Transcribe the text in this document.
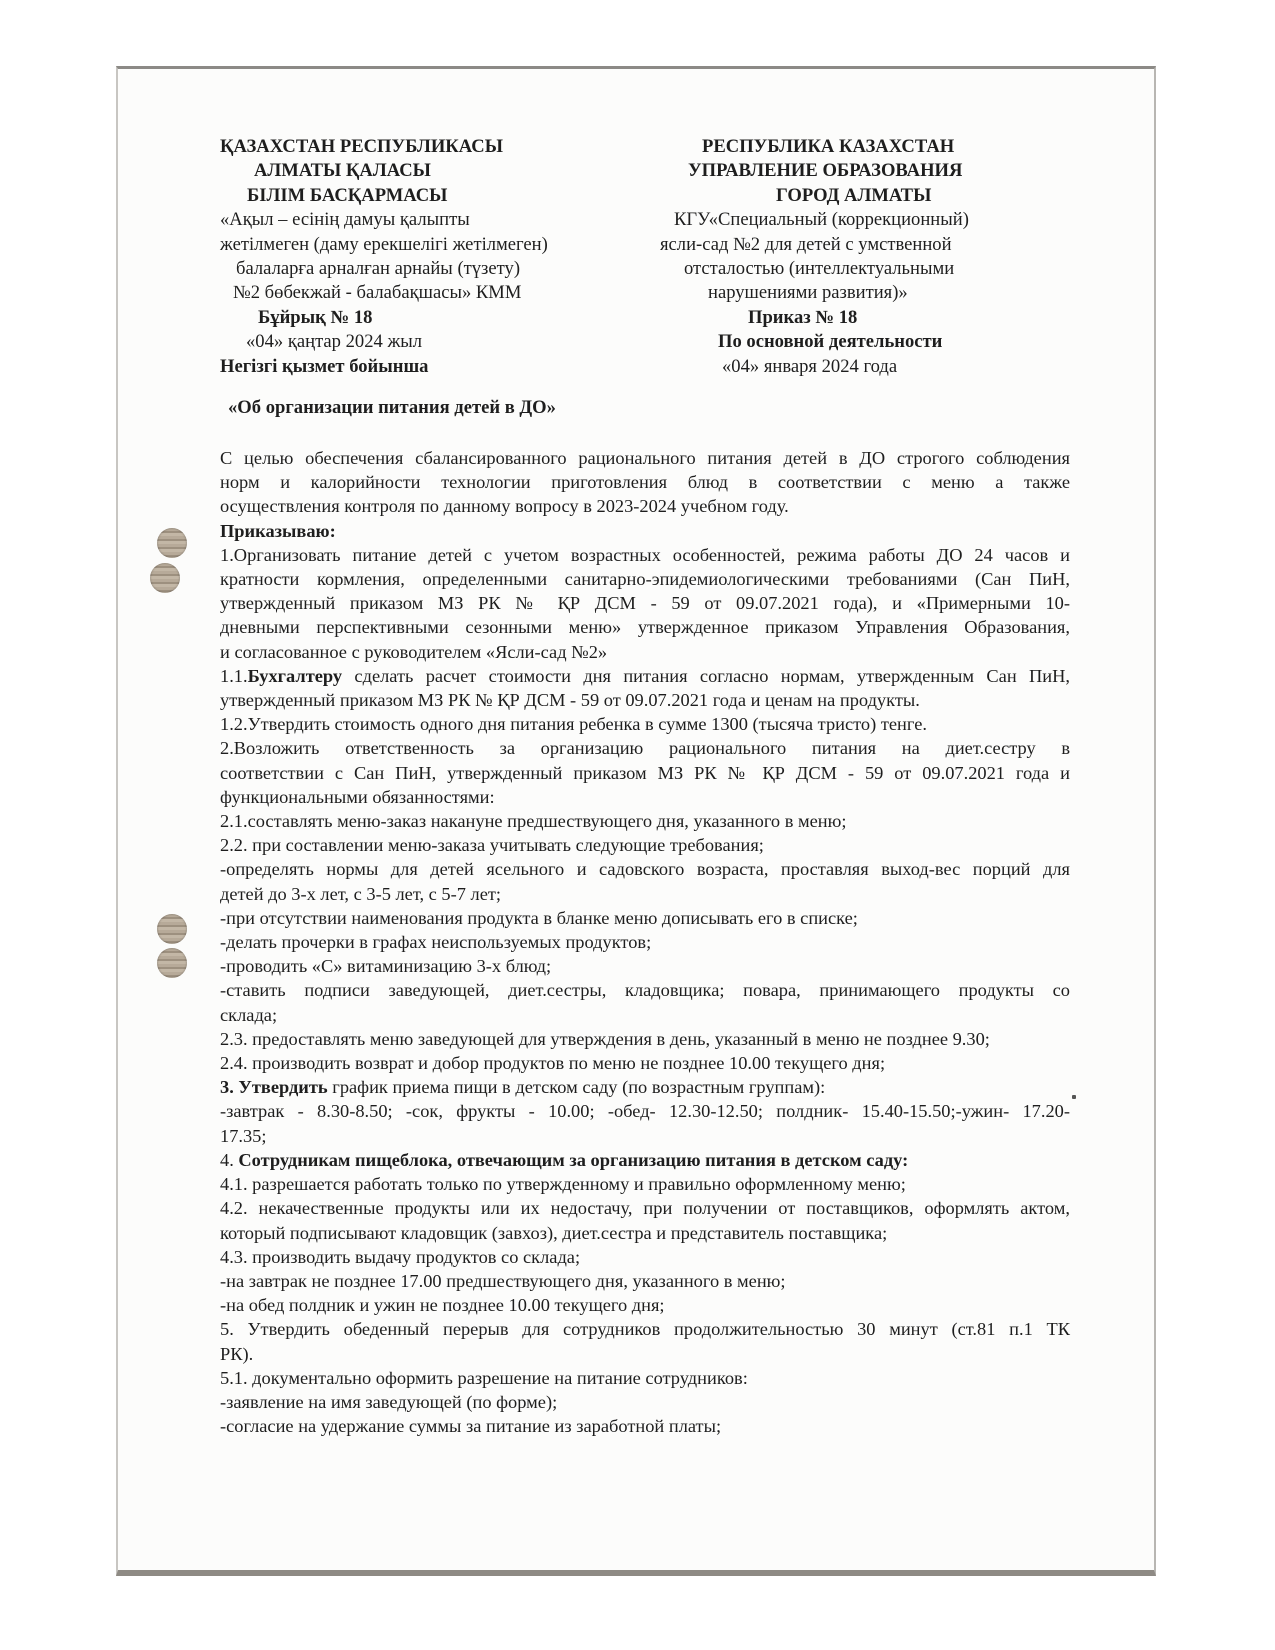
ҚАЗАХСТАН РЕСПУБЛИКАСЫ
АЛМАТЫ ҚАЛАСЫ
БІЛІМ БАСҚАРМАСЫ
«Ақыл – есінің дамуы қалыпты
жетілмеген (даму ерекшелігі жетілмеген)
балаларға арналған арнайы (түзету)
№2 бөбекжай - балабақшасы» КММ
Бұйрық № 18
«04» қаңтар 2024 жыл
Негізгі қызмет бойынша
РЕСПУБЛИКА КАЗАХСТАН
УПРАВЛЕНИЕ ОБРАЗОВАНИЯ
ГОРОД АЛМАТЫ
КГУ«Специальный (коррекционный)
ясли-сад №2 для детей с умственной
отсталостью (интеллектуальными
нарушениями развития)»
Приказ № 18
По основной деятельности
«04» января 2024 года
«Об организации питания детей в ДО»

С целью обеспечения сбалансированного рационального питания детей в ДО строгого соблюдения

норм и калорийности технологии приготовления блюд в соответствии с меню а также

осуществления контроля по данному вопросу в 2023-2024 учебном году.

Приказываю:

1.Организовать питание детей с учетом возрастных особенностей, режима работы ДО 24 часов и

кратности кормления, определенными санитарно-эпидемиологическими требованиями (Сан ПиН,

утвержденный приказом МЗ РК № ҚР ДСМ - 59 от 09.07.2021 года), и «Примерными 10-

дневными перспективными сезонными меню» утвержденное приказом Управления Образования,

и согласованное с руководителем «Ясли-сад №2»

1.1.Бухгалтеру сделать расчет стоимости дня питания согласно нормам, утвержденным Сан ПиН,

утвержденный приказом МЗ РК № ҚР ДСМ - 59 от 09.07.2021 года и ценам на продукты.

1.2.Утвердить стоимость одного дня питания ребенка в сумме 1300 (тысяча тристо) тенге.

2.Возложить ответственность за организацию рационального питания на диет.сестру в

соответствии с Сан ПиН, утвержденный приказом МЗ РК № ҚР ДСМ - 59 от 09.07.2021 года и

функциональными обязанностями:

2.1.составлять меню-заказ накануне предшествующего дня, указанного в меню;

2.2. при составлении меню-заказа учитывать следующие требования;

-определять нормы для детей ясельного и садовского возраста, проставляя выход-вес порций для

детей до 3-х лет, с 3-5 лет, с 5-7 лет;

-при отсутствии наименования продукта в бланке меню дописывать его в списке;

-делать прочерки в графах неиспользуемых продуктов;

-проводить «С» витаминизацию 3-х блюд;

-ставить подписи заведующей, диет.сестры, кладовщика; повара, принимающего продукты со

склада;

2.3. предоставлять меню заведующей для утверждения в день, указанный в меню не позднее 9.30;

2.4. производить возврат и добор продуктов по меню не позднее 10.00 текущего дня;

3. Утвердить график приема пищи в детском саду (по возрастным группам):

-завтрак - 8.30-8.50; -сок, фрукты - 10.00; -обед- 12.30-12.50; полдник- 15.40-15.50;-ужин- 17.20-

17.35;

4. Сотрудникам пищеблока, отвечающим за организацию питания в детском саду:

4.1. разрешается работать только по утвержденному и правильно оформленному меню;

4.2. некачественные продукты или их недостачу, при получении от поставщиков, оформлять актом,

который подписывают кладовщик (завхоз), диет.сестра и представитель поставщика;

4.3. производить выдачу продуктов со склада;

-на завтрак не позднее 17.00 предшествующего дня, указанного в меню;

-на обед полдник и ужин не позднее 10.00 текущего дня;

5. Утвердить обеденный перерыв для сотрудников продолжительностью 30 минут (ст.81 п.1 ТК

РК).

5.1. документально оформить разрешение на питание сотрудников:

-заявление на имя заведующей (по форме);

-согласие на удержание суммы за питание из заработной платы;
